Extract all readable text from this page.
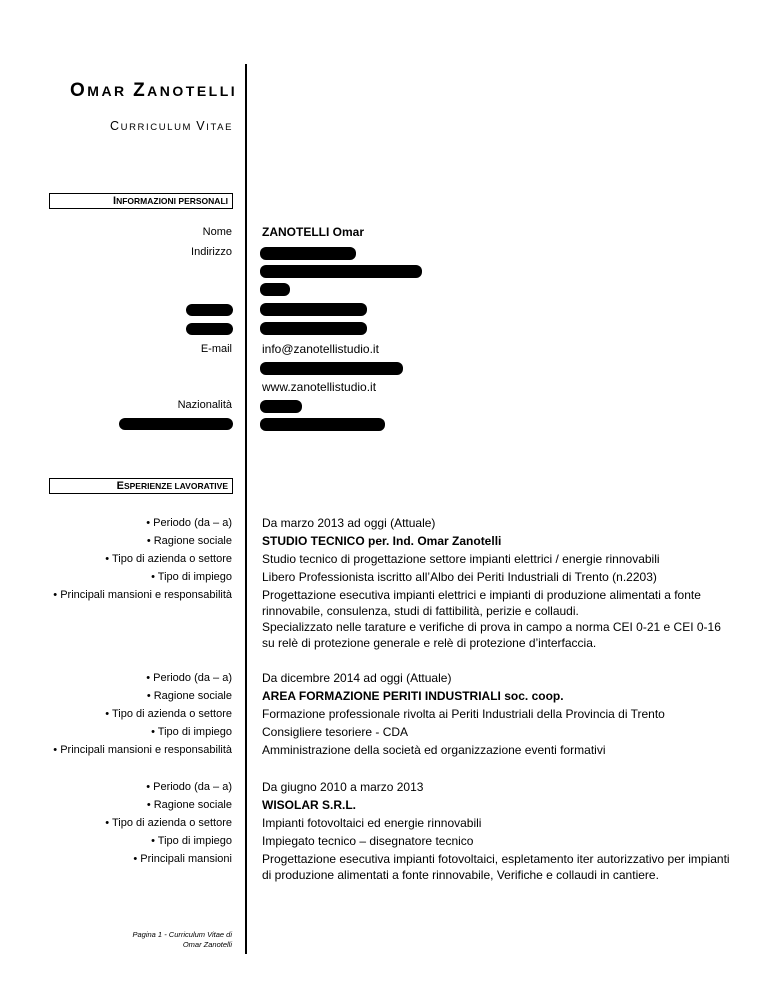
OMAR ZANOTELLI
CURRICULUM VITAE
INFORMAZIONI PERSONALI
Nome	ZANOTELLI Omar
Indirizzo
E-mail	info@zanotellistudio.it
www.zanotellistudio.it
Nazionalità
ESPERIENZE LAVORATIVE
• Periodo (da – a)
• Ragione sociale
• Tipo di azienda o settore
• Tipo di impiego
• Principali mansioni e responsabilità
Da marzo 2013 ad oggi (Attuale)
STUDIO TECNICO per. Ind. Omar Zanotelli
Studio tecnico di progettazione settore impianti elettrici / energie rinnovabili
Libero Professionista iscritto all’Albo dei Periti Industriali di Trento (n.2203)
Progettazione esecutiva impianti elettrici e impianti di produzione alimentati a fonte rinnovabile, consulenza, studi di fattibilità, perizie e collaudi.
Specializzato nelle tarature e verifiche di prova in campo a norma CEI 0-21 e CEI 0-16 su relè di protezione generale e relè di protezione d’interfaccia.
• Periodo (da – a)
• Ragione sociale
• Tipo di azienda o settore
• Tipo di impiego
• Principali mansioni e responsabilità
Da dicembre 2014 ad oggi (Attuale)
AREA FORMAZIONE PERITI INDUSTRIALI soc. coop.
Formazione professionale rivolta ai Periti Industriali della Provincia di Trento
Consigliere tesoriere - CDA
Amministrazione della società ed organizzazione eventi formativi
• Periodo (da – a)
• Ragione sociale
• Tipo di azienda o settore
• Tipo di impiego
• Principali mansioni
Da giugno 2010 a marzo 2013
WISOLAR S.R.L.
Impianti fotovoltaici ed energie rinnovabili
Impiegato tecnico – disegnatore tecnico
Progettazione esecutiva impianti fotovoltaici, espletamento iter autorizzativo per impianti di produzione alimentati a fonte rinnovabile, Verifiche e collaudi in cantiere.
Pagina 1 - Curriculum Vitae di
Omar Zanotelli
